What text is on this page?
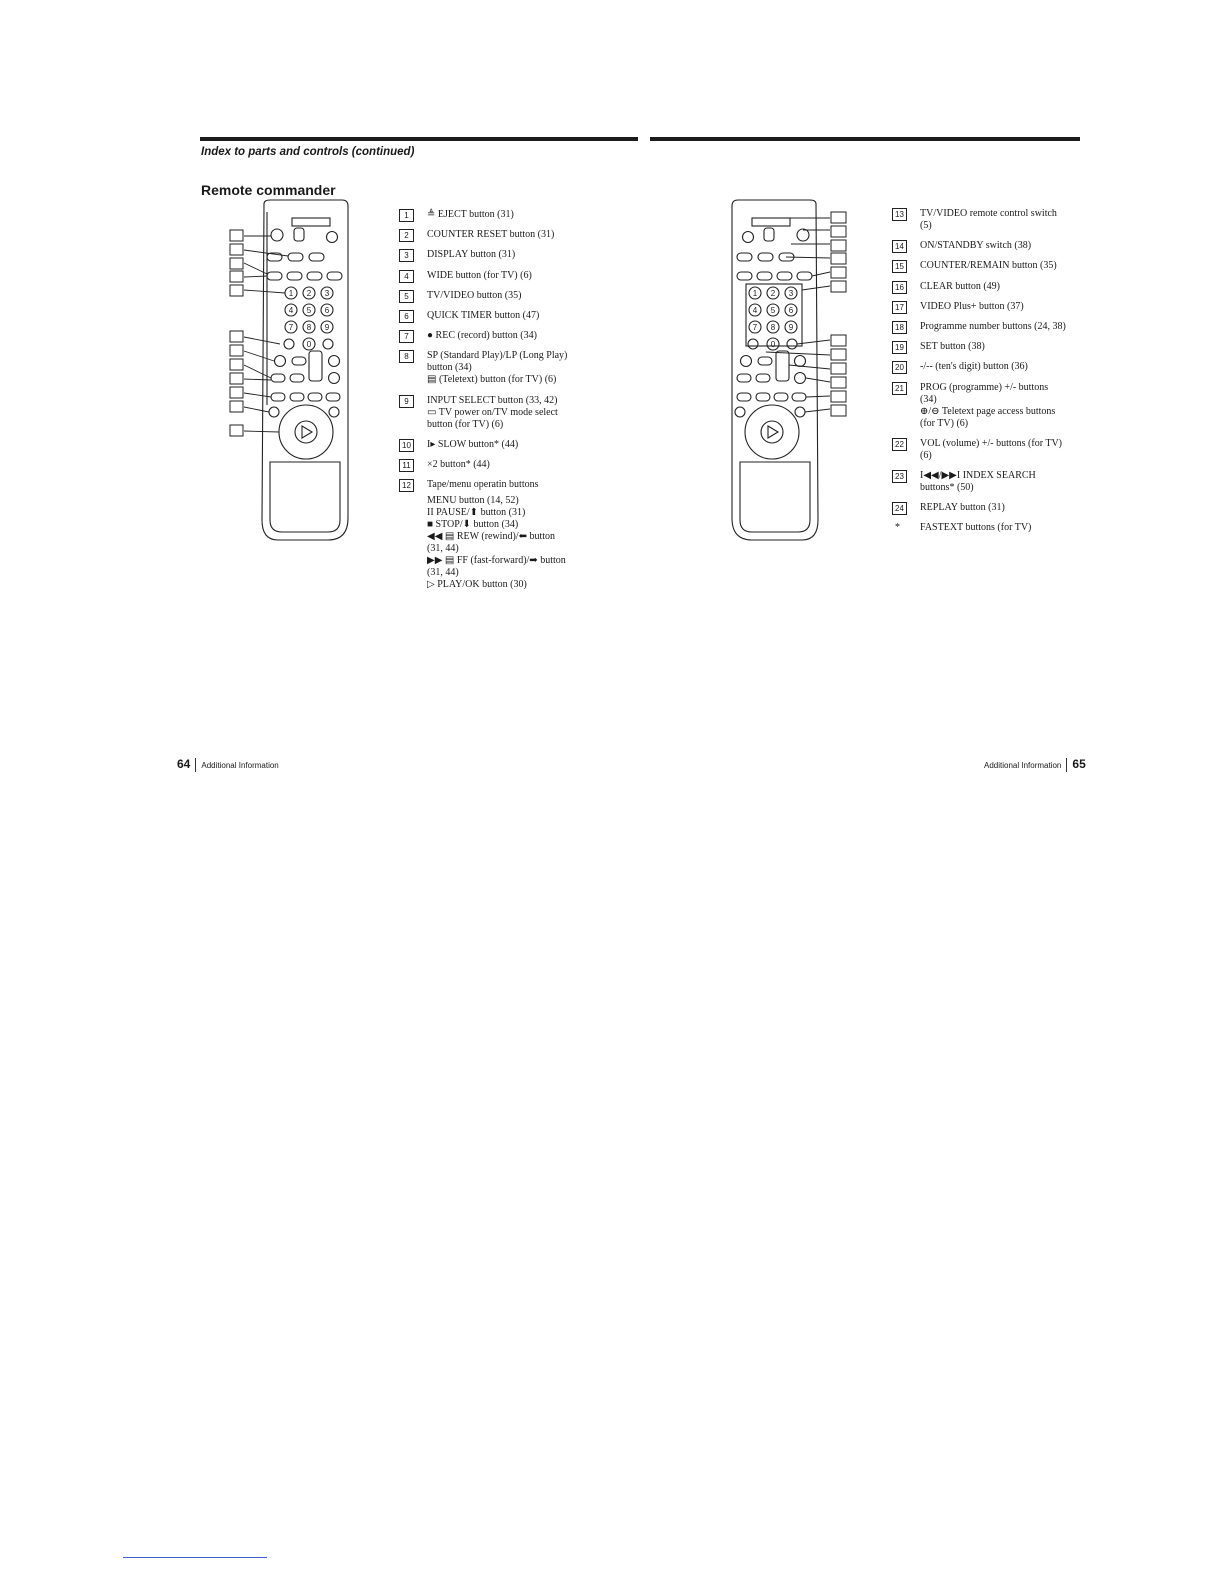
Index to parts and controls (continued)
Remote commander
1 2 3
4 5 6
7 8 9
0
1 2 3
4 5 6
7 8 9
0
1	≜ EJECT button (31)
2	COUNTER RESET button (31)
3	DISPLAY button (31)
4	WIDE button (for TV) (6)
5	TV/VIDEO button (35)
6	QUICK TIMER button (47)
7	● REC (record) button (34)
8	SP (Standard Play)/LP (Long Play)
button (34)
▤ (Teletext) button (for TV) (6)
9	INPUT SELECT button (33, 42)
▭ TV power on/TV mode select
button (for TV) (6)
10	I▸ SLOW button* (44)
11	×2 button* (44)
12	Tape/menu operatin buttons
MENU button (14, 52)
II PAUSE/⬆ button (31)
■ STOP/⬇ button (34)
◀◀ ▤ REW (rewind)/⬅ button
(31, 44)
▶▶ ▤ FF (fast-forward)/➡ button
(31, 44)
▷ PLAY/OK button (30)
13	TV/VIDEO remote control switch
(5)
14	ON/STANDBY switch (38)
15	COUNTER/REMAIN button (35)
16	CLEAR button (49)
17	VIDEO Plus+ button (37)
18	Programme number buttons (24, 38)
19	SET button (38)
20	-/-- (ten's digit) button (36)
21	PROG (programme) +/- buttons
(34)
⊕/⊖ Teletext page access buttons
(for TV) (6)
22	VOL (volume) +/- buttons (for TV)
(6)
23	I◀◀/▶▶I INDEX SEARCH
buttons* (50)
24	REPLAY button (31)
* FASTEXT buttons (for TV)
64 Additional Information	Additional Information 65
